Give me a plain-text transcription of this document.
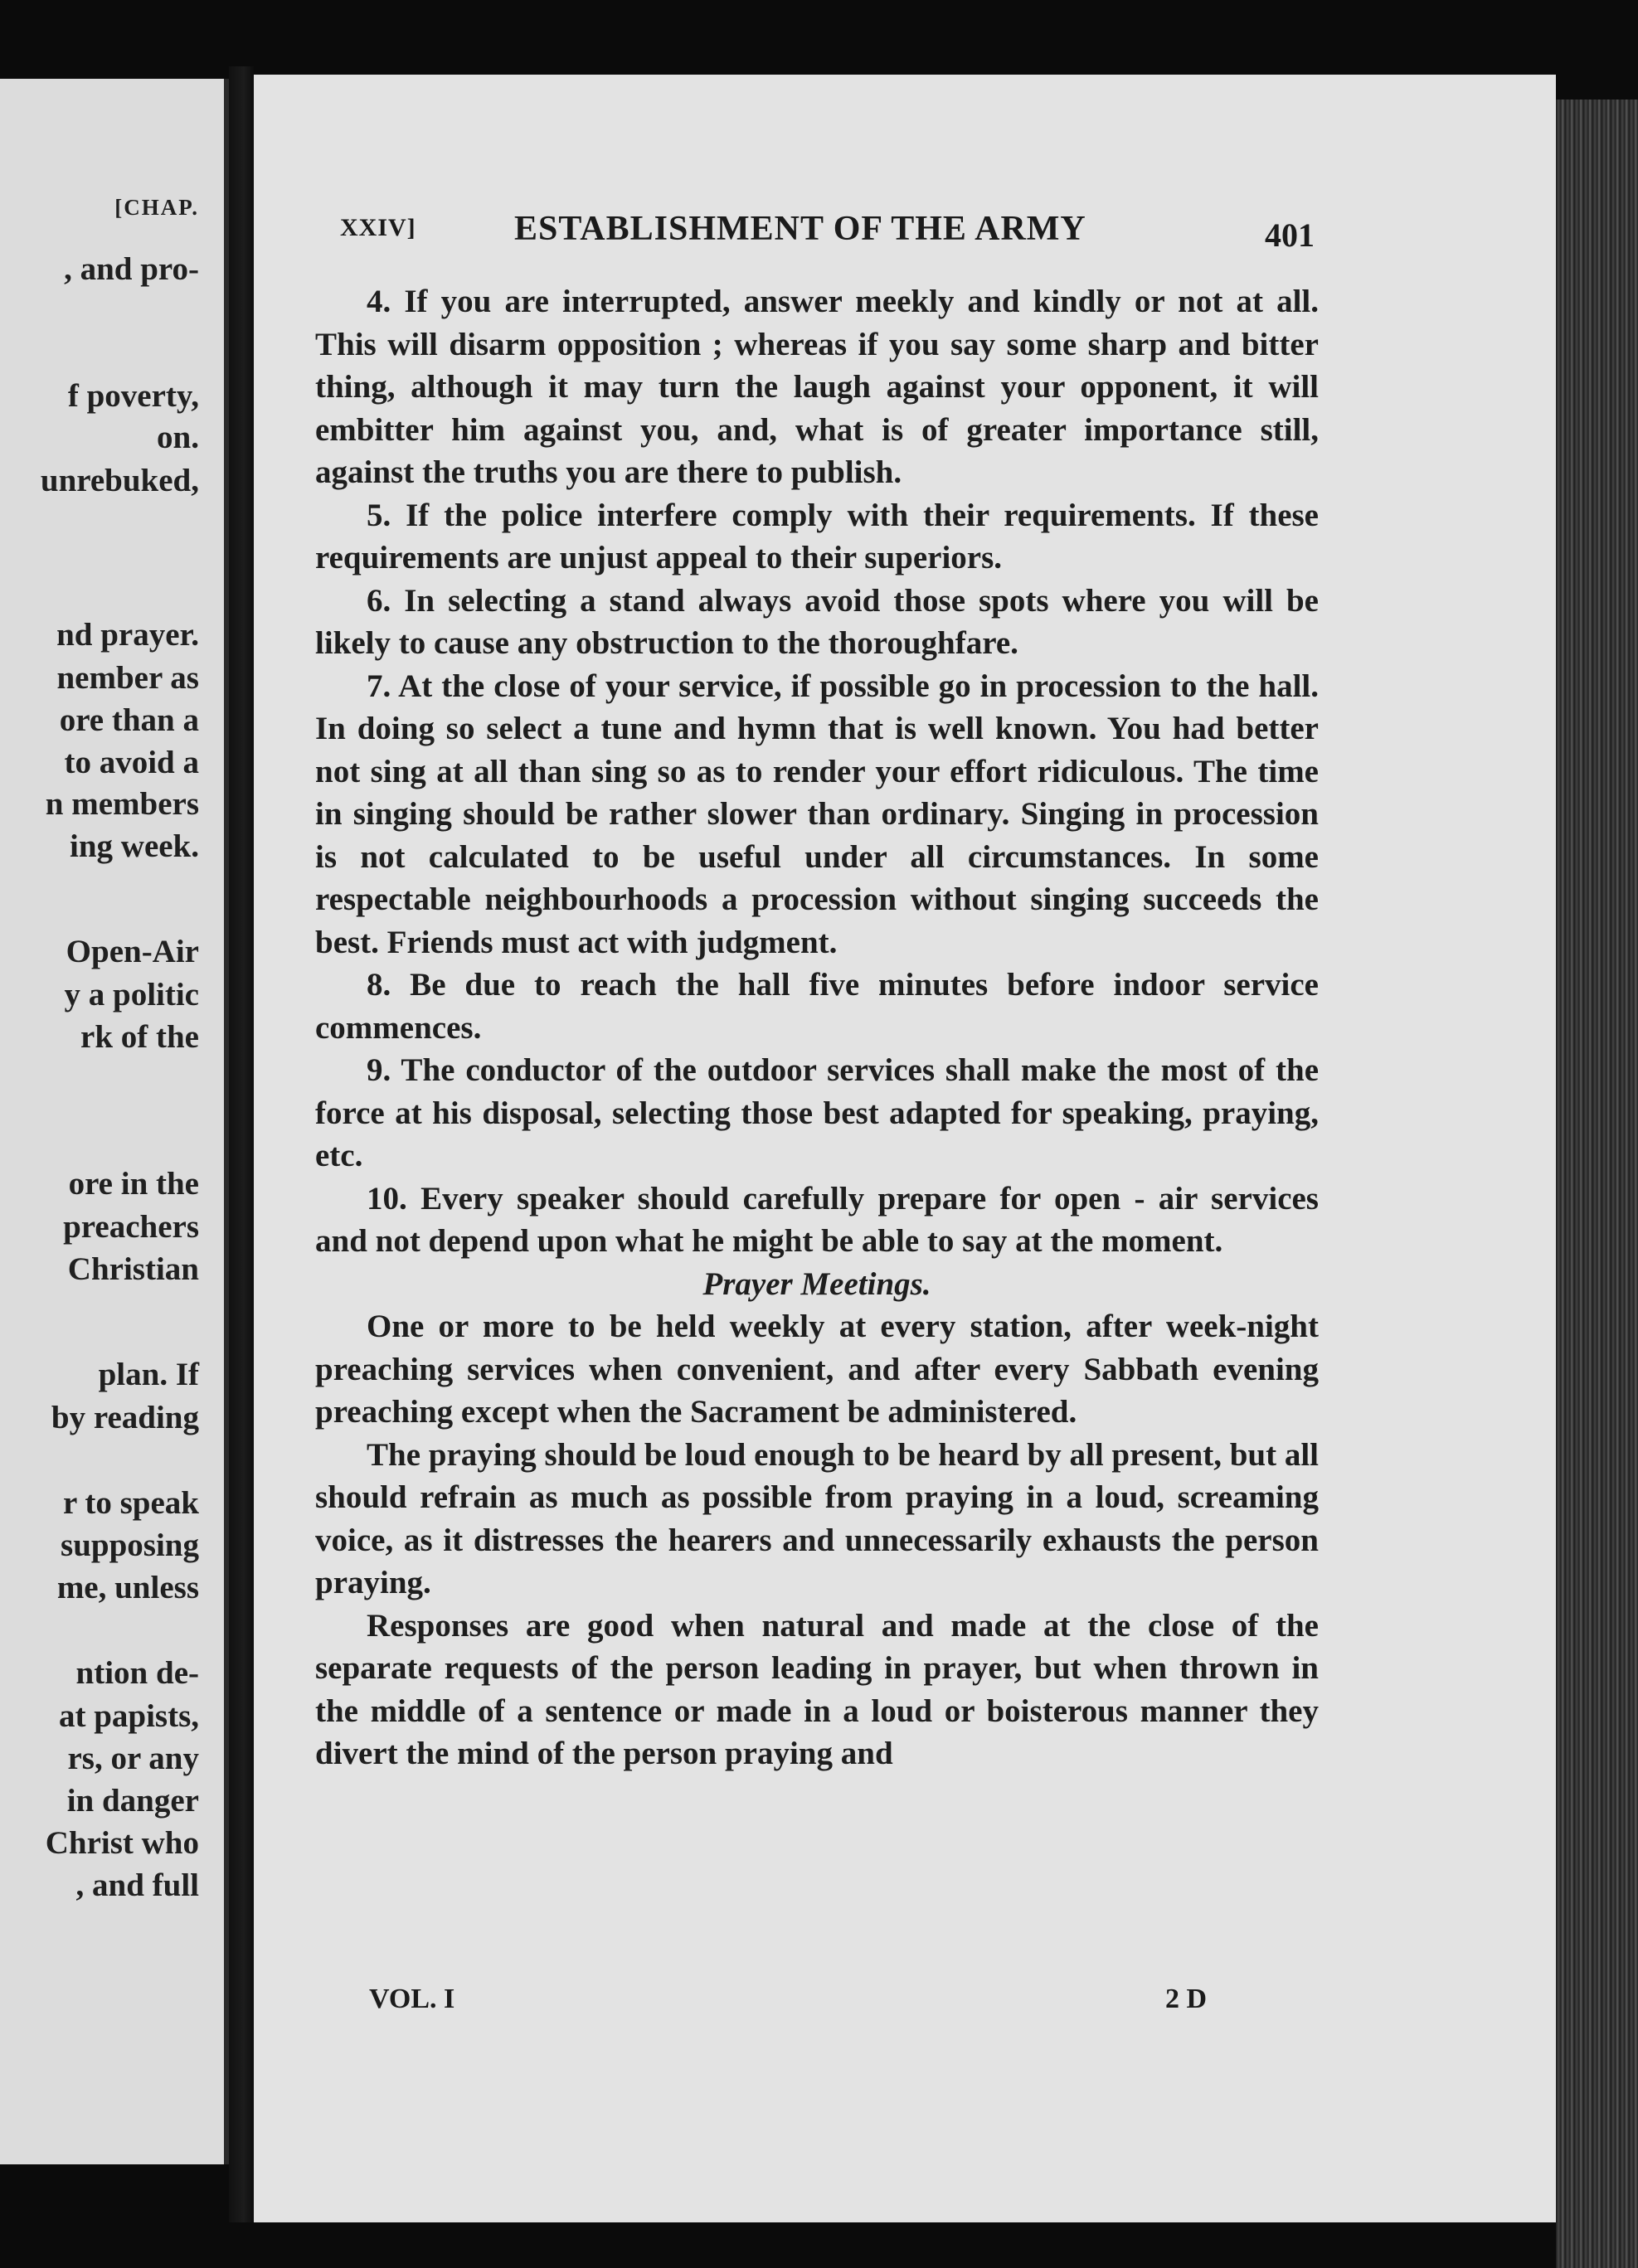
[CHAP.
, and pro-
f poverty,
on.
unrebuked,
nd prayer.
nember as
ore than a
to avoid a
n members
ing week.
Open-Air
y a politic
rk of the
ore in the
preachers
Christian
plan. If
by reading
r to speak
supposing
me, unless
ntion de-
at papists,
rs, or any
in danger
Christ who
, and full
XXIV]	ESTABLISHMENT OF THE ARMY	401

4. If you are interrupted, answer meekly and kindly or not at all. This will disarm opposition ; whereas if you say some sharp and bitter thing, although it may turn the laugh against your opponent, it will embitter him against you, and, what is of greater importance still, against the truths you are there to publish.

5. If the police interfere comply with their requirements. If these requirements are unjust appeal to their superiors.

6. In selecting a stand always avoid those spots where you will be likely to cause any obstruction to the thoroughfare.

7. At the close of your service, if possible go in procession to the hall. In doing so select a tune and hymn that is well known. You had better not sing at all than sing so as to render your effort ridiculous. The time in singing should be rather slower than ordinary. Singing in procession is not calculated to be useful under all circumstances. In some respectable neighbourhoods a procession without singing succeeds the best. Friends must act with judgment.

8. Be due to reach the hall five minutes before indoor service commences.

9. The conductor of the outdoor services shall make the most of the force at his disposal, selecting those best adapted for speaking, praying, etc.

10. Every speaker should carefully prepare for open - air services and not depend upon what he might be able to say at the moment.

Prayer Meetings.

One or more to be held weekly at every station, after week-night preaching services when convenient, and after every Sabbath evening preaching except when the Sacrament be administered.

The praying should be loud enough to be heard by all present, but all should refrain as much as possible from praying in a loud, screaming voice, as it distresses the hearers and unnecessarily exhausts the person praying.

Responses are good when natural and made at the close of the separate requests of the person leading in prayer, but when thrown in the middle of a sentence or made in a loud or boisterous manner they divert the mind of the person praying and

VOL. I	2 D
